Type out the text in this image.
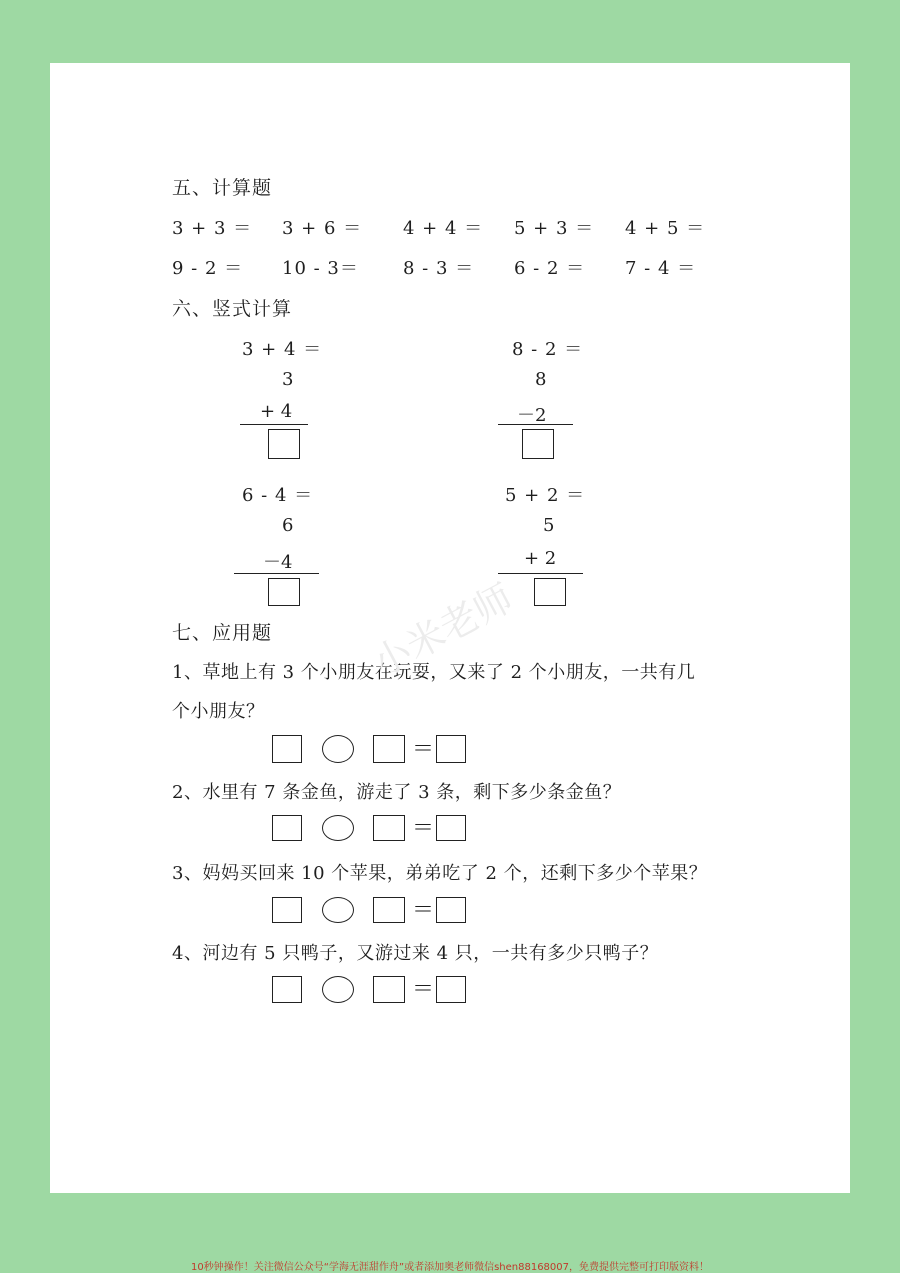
五、计算题
3 + 3 ＝ 3 + 6 ＝ 4 + 4 ＝ 5 + 3 ＝ 4 + 5 ＝
9 - 2 ＝ 10 - 3＝ 8 - 3 ＝ 6 - 2 ＝ 7 - 4 ＝
六、竖式计算
3 + 4 ＝
3
+ 4
8 - 2 ＝
8
－2
6 - 4 ＝
6
－4
5 + 2 ＝
5
+ 2
七、应用题
1、草地上有 3 个小朋友在玩耍，又来了 2 个小朋友，一共有几
个小朋友？
＝
2、水里有 7 条金鱼，游走了 3 条，剩下多少条金鱼？
＝
3、妈妈买回来 10 个苹果，弟弟吃了 2 个，还剩下多少个苹果？
＝
4、河边有 5 只鸭子，又游过来 4 只，一共有多少只鸭子？
＝
小米老师
10秒钟操作！关注微信公众号“学海无涯甜作舟”或者添加奥老师微信shen88168007，免费提供完整可打印版资料！
